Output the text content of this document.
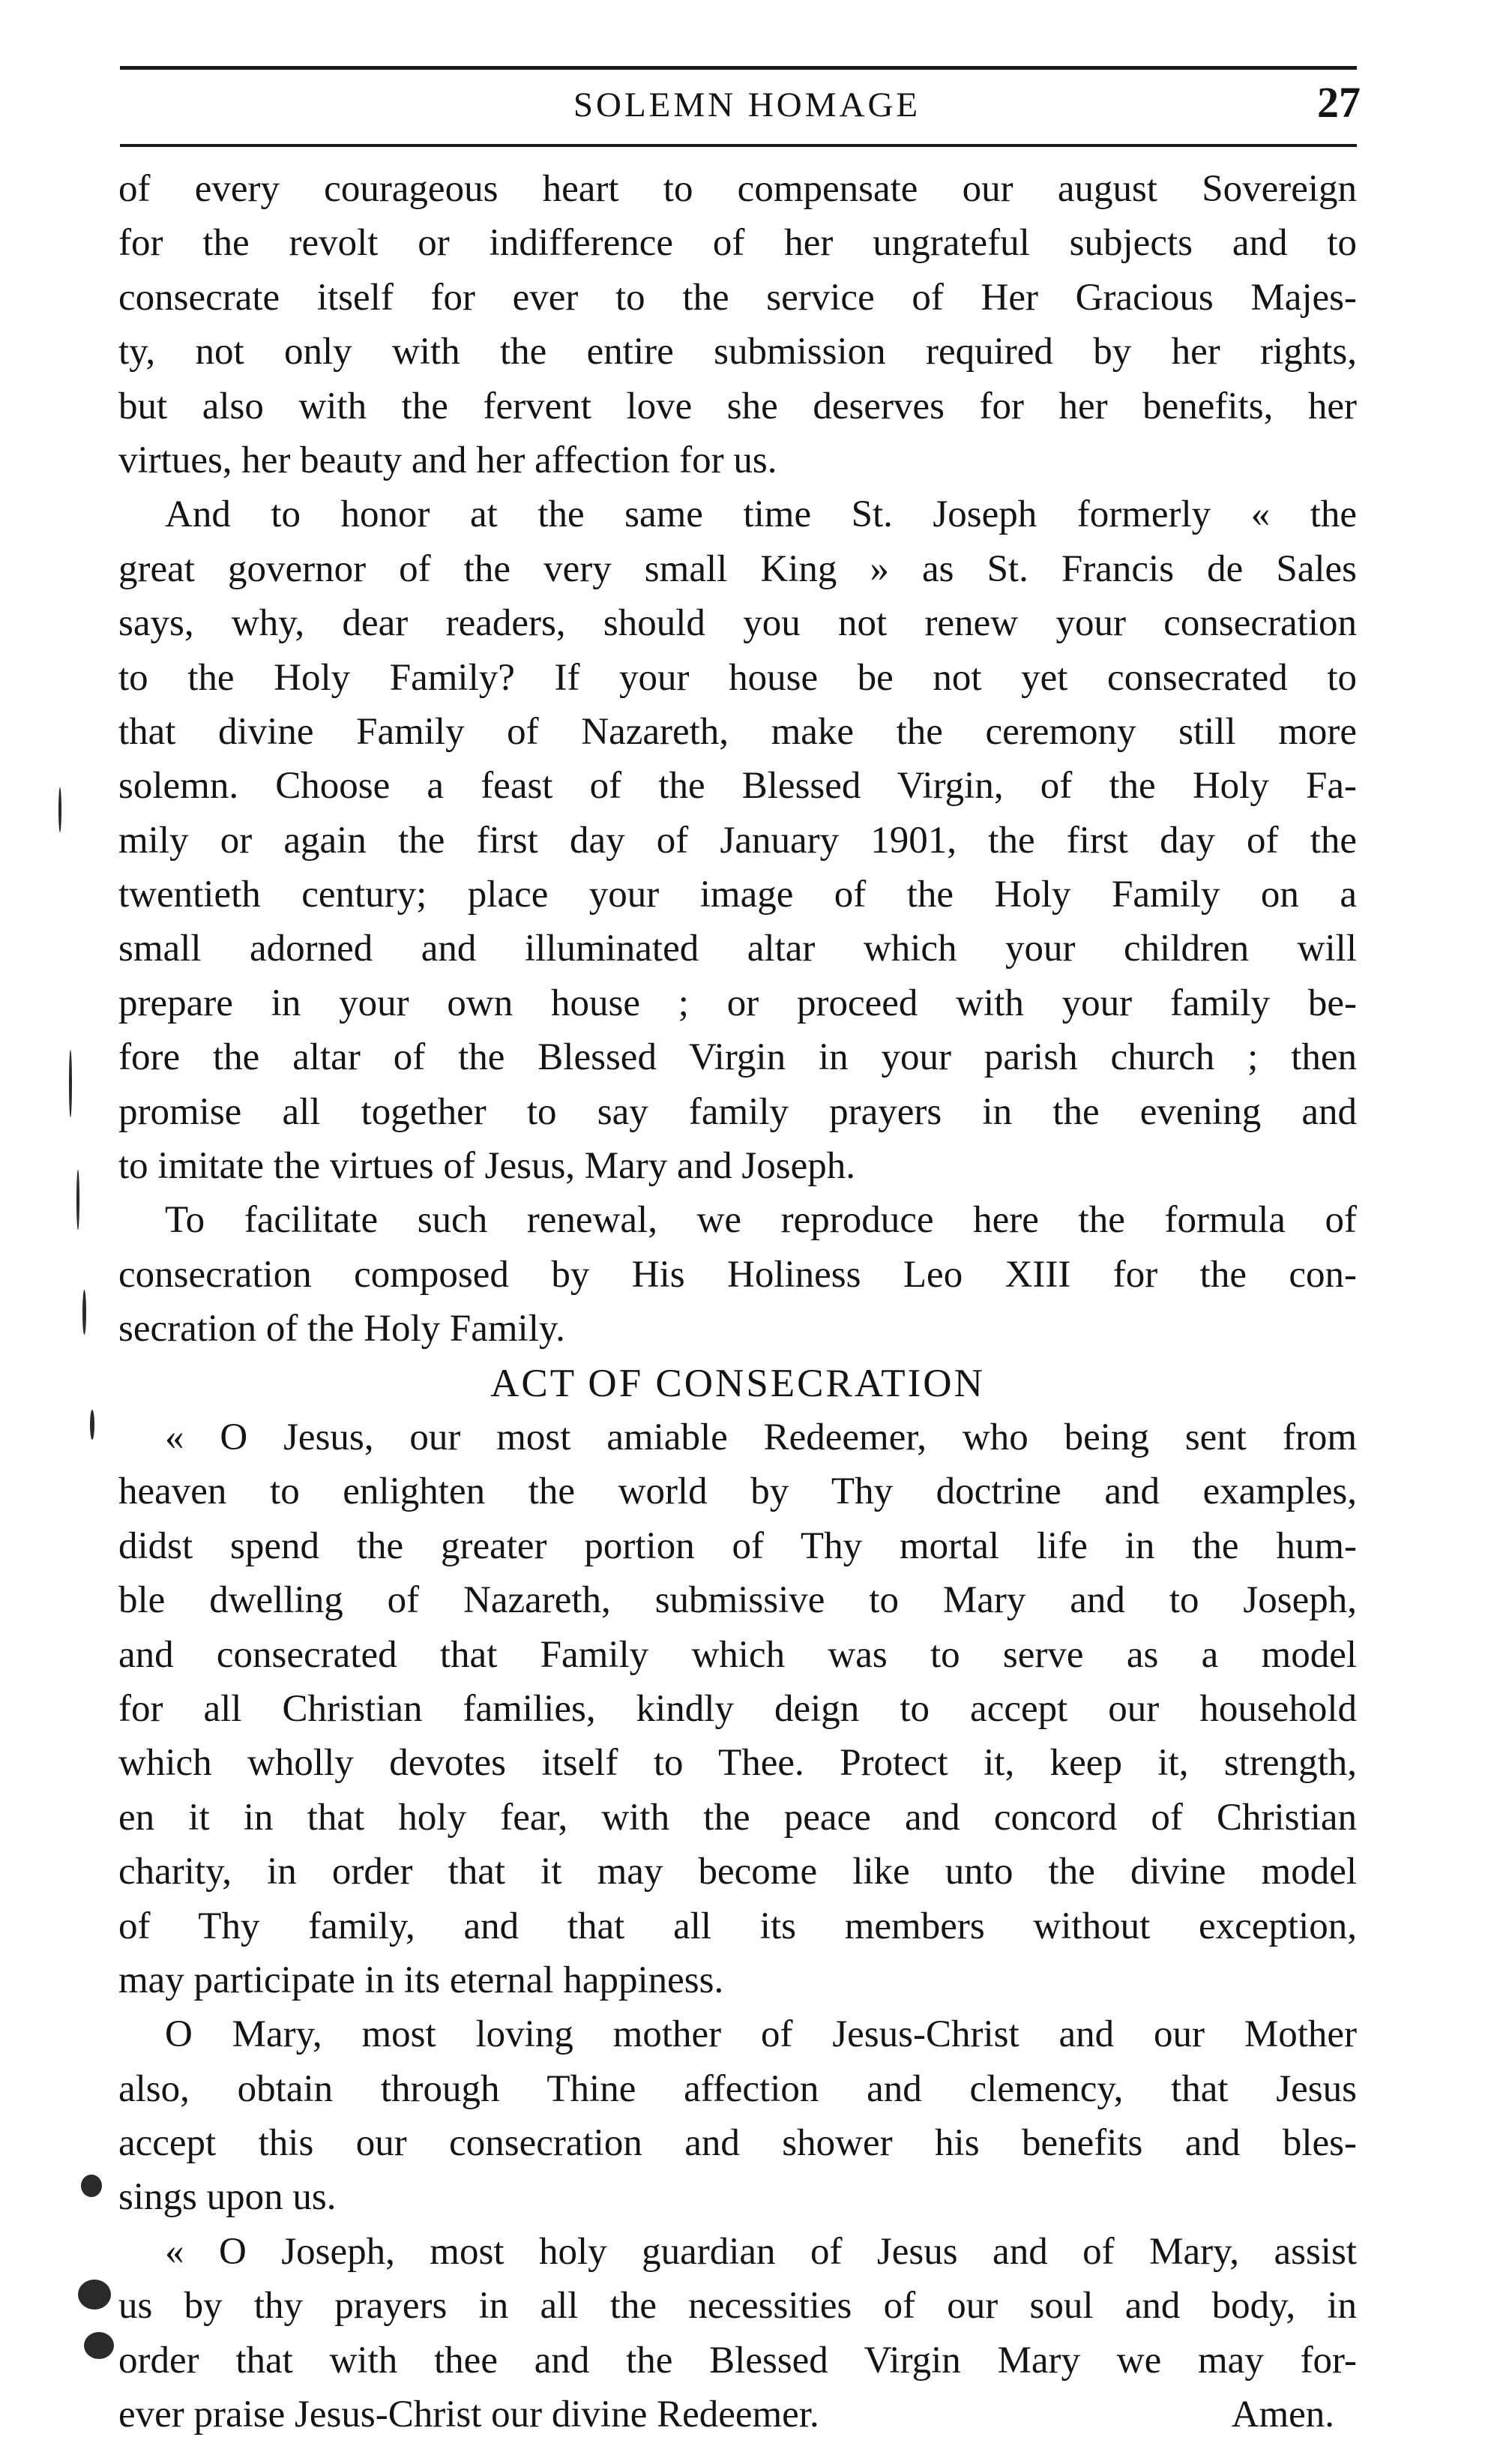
SOLEMN HOMAGE	27
of every courageous heart to compensate our august Sovereign
for the revolt or indifference of her ungrateful subjects and to
consecrate itself for ever to the service of Her Gracious Majes-
ty, not only with the entire submission required by her rights,
but also with the fervent love she deserves for her benefits, her
virtues, her beauty and her affection for us.
And to honor at the same time St. Joseph formerly « the
great governor of the very small King » as St. Francis de Sales
says, why, dear readers, should you not renew your consecration
to the Holy Family? If your house be not yet consecrated to
that divine Family of Nazareth, make the ceremony still more
solemn. Choose a feast of the Blessed Virgin, of the Holy Fa-
mily or again the first day of January 1901, the first day of the
twentieth century; place your image of the Holy Family on a
small adorned and illuminated altar which your children will
prepare in your own house ; or proceed with your family be-
fore the altar of the Blessed Virgin in your parish church ; then
promise all together to say family prayers in the evening and
to imitate the virtues of Jesus, Mary and Joseph.
To facilitate such renewal, we reproduce here the formula of
consecration composed by His Holiness Leo XIII for the con-
secration of the Holy Family.
ACT OF CONSECRATION
« O Jesus, our most amiable Redeemer, who being sent from
heaven to enlighten the world by Thy doctrine and examples,
didst spend the greater portion of Thy mortal life in the hum-
ble dwelling of Nazareth, submissive to Mary and to Joseph,
and consecrated that Family which was to serve as a model
for all Christian families, kindly deign to accept our household
which wholly devotes itself to Thee. Protect it, keep it, strength,
en it in that holy fear, with the peace and concord of Christian
charity, in order that it may become like unto the divine model
of Thy family, and that all its members without exception,
may participate in its eternal happiness.
O Mary, most loving mother of Jesus-Christ and our Mother
also, obtain through Thine affection and clemency, that Jesus
accept this our consecration and shower his benefits and bles-
sings upon us.
« O Joseph, most holy guardian of Jesus and of Mary, assist
us by thy prayers in all the necessities of our soul and body, in
order that with thee and the Blessed Virgin Mary we may for-
ever praise Jesus-Christ our divine Redeemer.	Amen.
